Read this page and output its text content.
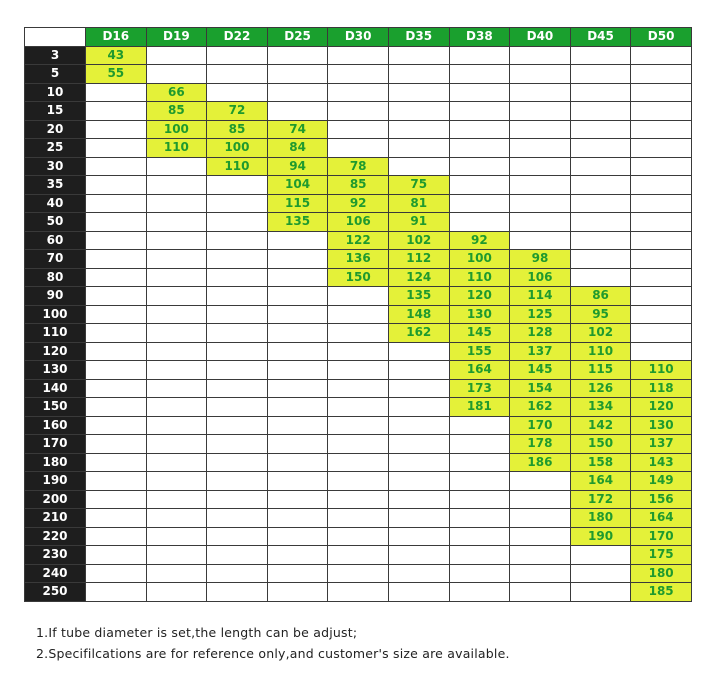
	D16	D19	D22	D25	D30	D35	D38	D40	D45	D50
3	43									
5	55									
10		66								
15		85	72							
20		100	85	74						
25		110	100	84						
30			110	94	78					
35				104	85	75				
40				115	92	81				
50				135	106	91				
60					122	102	92			
70					136	112	100	98		
80					150	124	110	106		
90						135	120	114	86	
100						148	130	125	95	
110						162	145	128	102	
120							155	137	110	
130							164	145	115	110
140							173	154	126	118
150							181	162	134	120
160								170	142	130
170								178	150	137
180								186	158	143
190									164	149
200									172	156
210									180	164
220									190	170
230										175
240										180
250										185

1.If tube diameter is set,the length can be adjust;

2.Specifilcations are for reference only,and customer's size are available.
